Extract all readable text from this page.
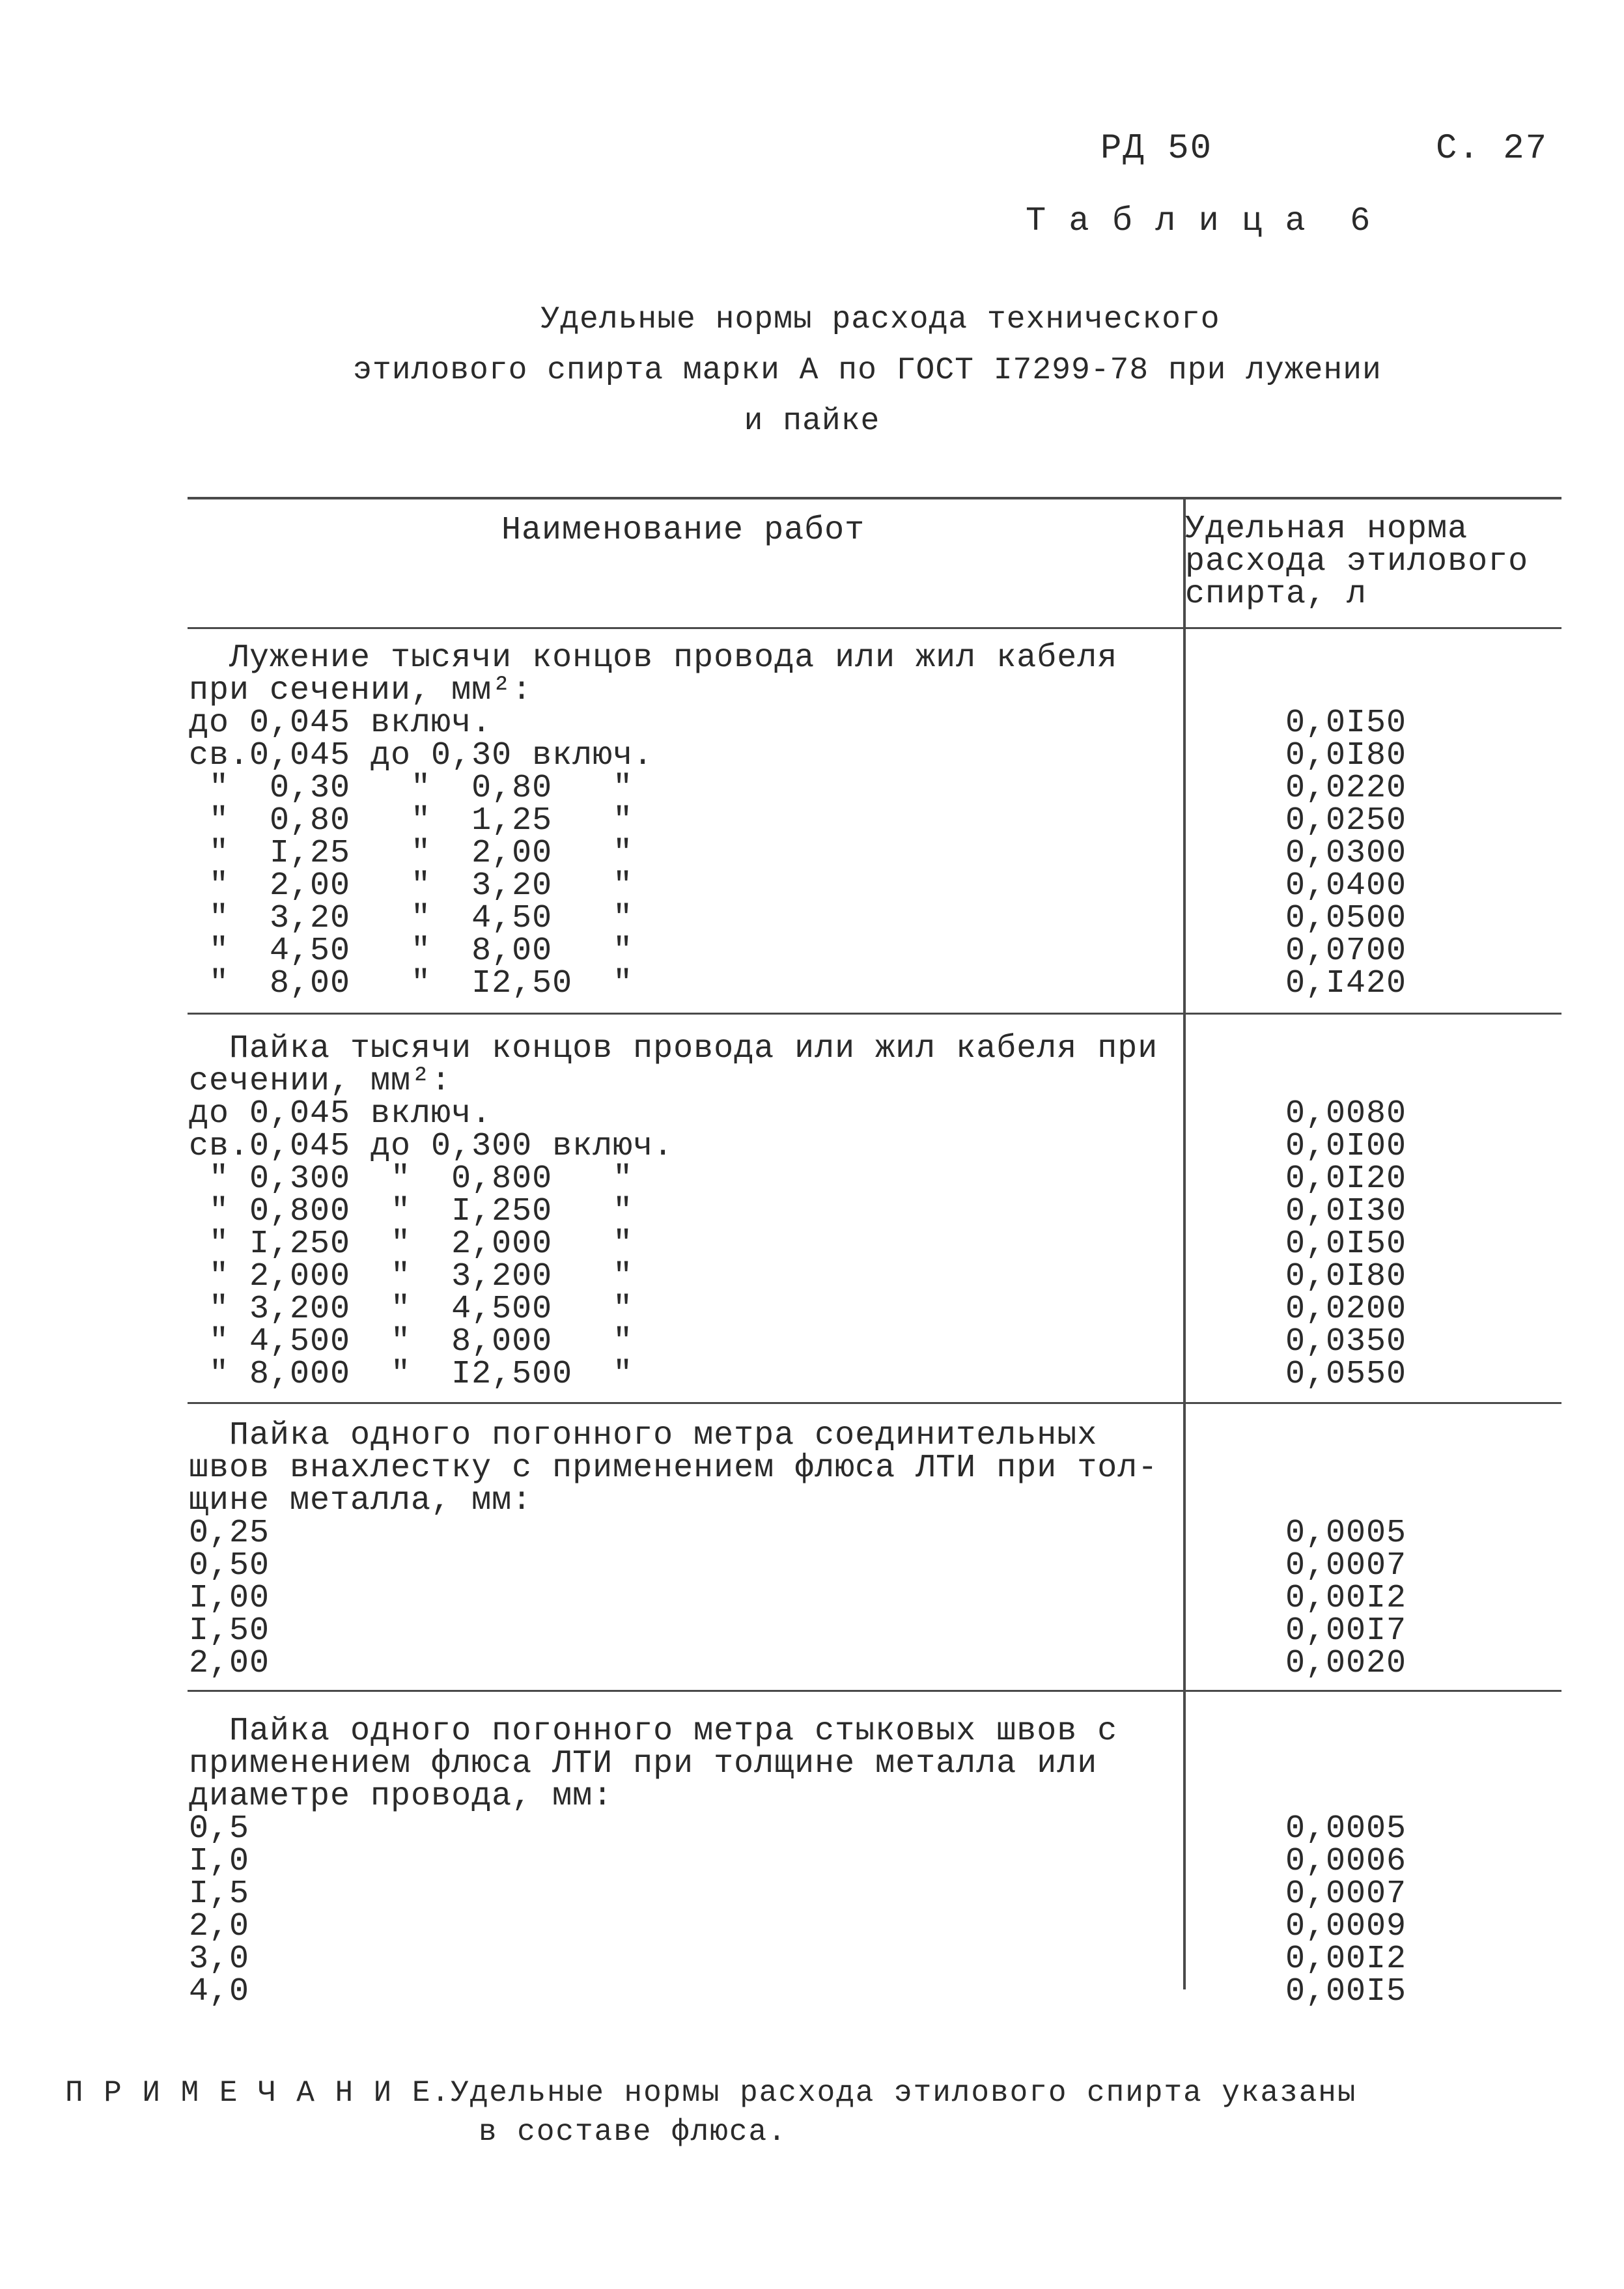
РД 50	С. 27
Т а б л и ц а  6
Удельные нормы расхода технического
этилового спирта марки А по ГОСТ I7299-78 при лужении
и пайке
Наименование работ	Удельная норма
расхода этилового
спирта, л
Лужение тысячи концов провода или жил кабеля
при сечении, мм²:
до 0,045 включ.
св.0,045 до 0,30 включ.
"  0,30   "  0,80   "
"  0,80   "  1,25   "
"  I,25   "  2,00   "
"  2,00   "  3,20   "
"  3,20   "  4,50   "
"  4,50   "  8,00   "
"  8,00   "  I2,50  "
0,0I50
0,0I80
0,0220
0,0250
0,0300
0,0400
0,0500
0,0700
0,I420
Пайка тысячи концов провода или жил кабеля при
сечении, мм²:
до 0,045 включ.
св.0,045 до 0,300 включ.
" 0,300  "  0,800   "
" 0,800  "  I,250   "
" I,250  "  2,000   "
" 2,000  "  3,200   "
" 3,200  "  4,500   "
" 4,500  "  8,000   "
" 8,000  "  I2,500  "
0,0080
0,0I00
0,0I20
0,0I30
0,0I50
0,0I80
0,0200
0,0350
0,0550
Пайка одного погонного метра соединительных
швов внахлестку с применением флюса ЛТИ при тол-
щине металла, мм:
0,25
0,50
I,00
I,50
2,00
0,0005
0,0007
0,00I2
0,00I7
0,0020
Пайка одного погонного метра стыковых швов с
применением флюса ЛТИ при толщине металла или
диаметре провода, мм:
0,5
I,0
I,5
2,0
3,0
4,0
0,0005
0,0006
0,0007
0,0009
0,00I2
0,00I5
П Р И М Е Ч А Н И Е.Удельные нормы расхода этилового спирта указаны
в составе флюса.
